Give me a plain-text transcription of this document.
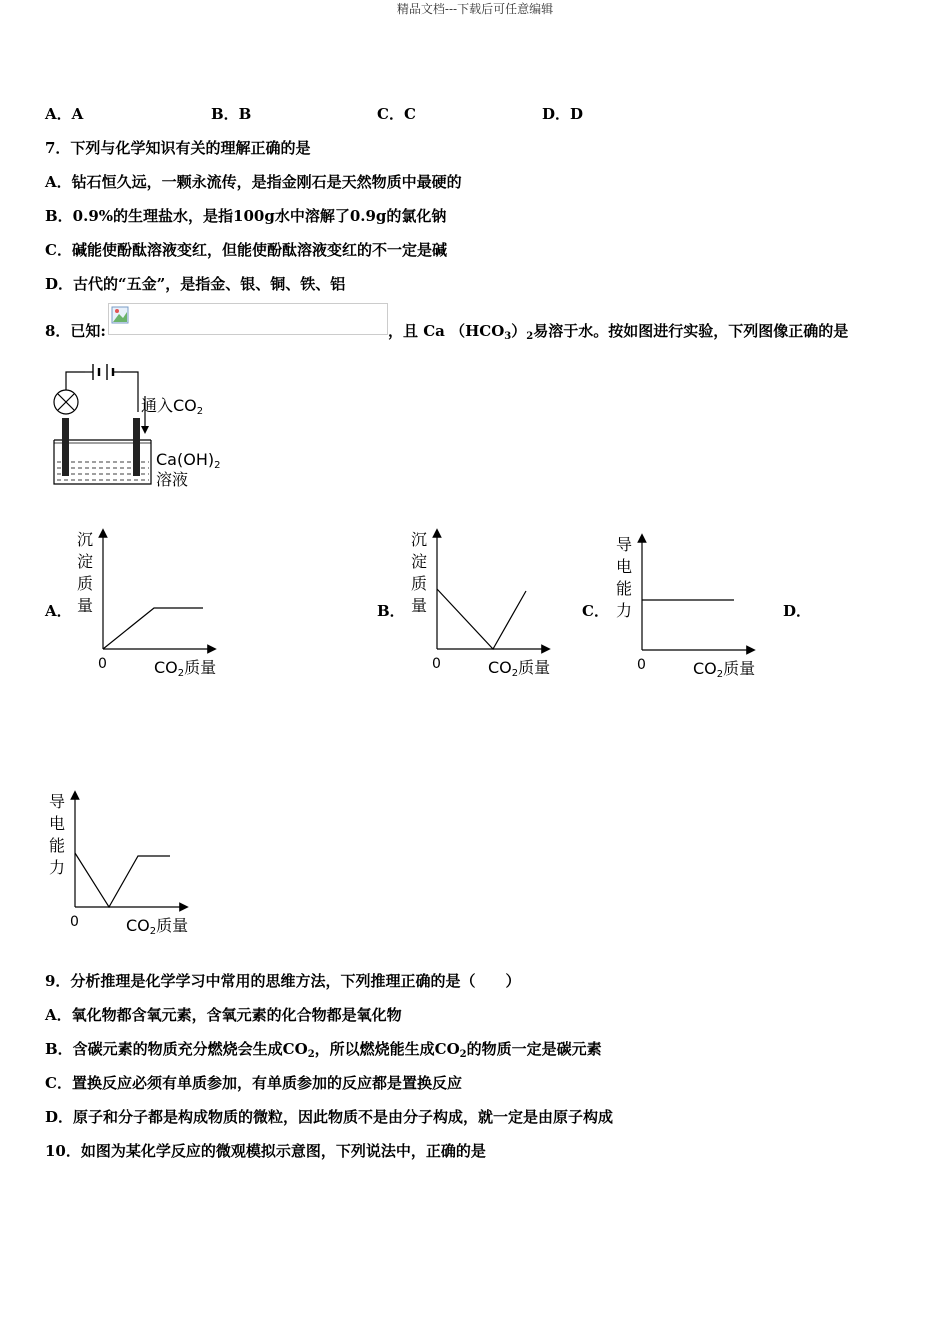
精品文档---下载后可任意编辑
A．A	B．B	C．C	D．D
7．下列与化学知识有关的理解正确的是
A．钻石恒久远，一颗永流传，是指金刚石是天然物质中最硬的
B．0.9%的生理盐水，是指100g水中溶解了0.9g的氯化钠
C．碱能使酚酞溶液变红，但能使酚酞溶液变红的不一定是碱
D．古代的“五金”，是指金、银、铜、铁、铝
8．已知:	，且 Ca $(HCO_3)_2$易溶于水。按如图进行实验，下列图像正确的是
通入CO2
Ca(OH)2
溶液
A．	B．	C．	D．
沉
淀
质
量
0	CO2质量
沉
淀
质
量
0	CO2质量
导
电
能
力
0	CO2质量
导
电
能
力
0	CO2质量
9．分析推理是化学学习中常用的思维方法，下列推理正确的是（　　）
A．氧化物都含氧元素，含氧元素的化合物都是氧化物
B．含碳元素的物质充分燃烧会生成$CO_2$，所以燃烧能生成$CO_2$的物质一定是碳元素
C．置换反应必须有单质参加，有单质参加的反应都是置换反应
D．原子和分子都是构成物质的微粒，因此物质不是由分子构成，就一定是由原子构成
10．如图为某化学反应的微观模拟示意图，下列说法中，正确的是
